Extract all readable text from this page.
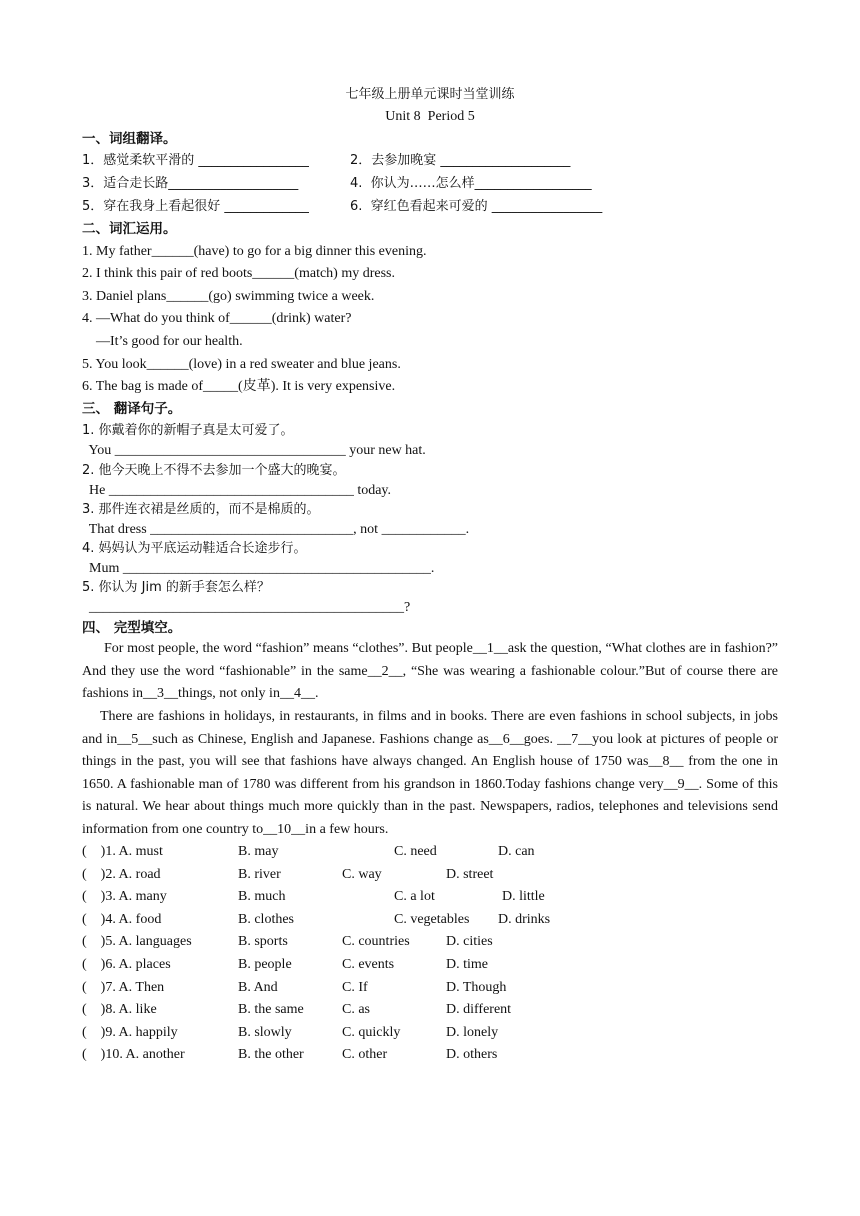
七年级上册单元课时当堂训练
Unit 8  Period 5
一、词组翻译。
1．感觉柔软平滑的 _________________	2．去参加晚宴 ____________________
3．适合走长路____________________	4.  你认为……怎么样__________________
5．穿在我身上看起很好 _____________	6.  穿红色看起来可爱的 _________________
二、词汇运用。
1. My father______(have) to go for a big dinner this evening.
2. I think this pair of red boots______(match) my dress.
3. Daniel plans______(go) swimming twice a week.
4. —What do you think of______(drink) water?
—It’s good for our health.
5. You look______(love) in a red sweater and blue jeans.
6. The bag is made of_____(皮革). It is very expensive.
三、 翻译句子。
1. 你戴着你的新帽子真是太可爱了。
You _________________________________ your new hat.
2. 他今天晚上不得不去参加一个盛大的晚宴。
He ___________________________________ today.
3. 那件连衣裙是丝质的，而不是棉质的。
That dress _____________________________, not ____________.
4. 妈妈认为平底运动鞋适合长途步行。
Mum ____________________________________________.
5. 你认为 Jim 的新手套怎么样？
_____________________________________________?
四、 完型填空。
For most people, the word “fashion” means “clothes”. But people__1__ask the question, “What clothes are in fashion?” And they use the word “fashionable” in the same__2__, “She was wearing a fashionable colour.”But of course there are fashions in__3__things, not only in__4__.
There are fashions in holidays, in restaurants, in films and in books. There are even fashions in school subjects, in jobs and in__5__such as Chinese, English and Japanese. Fashions change as__6__goes. __7__you look at pictures of people or things in the past, you will see that fashions have always changed. An English house of 1750 was__8__ from the one in 1650. A fashionable man of 1780 was different from his grandson in 1860.Today fashions change very__9__. Some of this is natural. We hear about things much more quickly than in the past. Newspapers, radios, telephones and televisions send information from one country to__10__in a few hours.
(    )1. A. must	B. may	C. need	D. can
(    )2. A. road	B. river	C. way	D. street
(    )3. A. many	B. much	C. a lot	D. little
(    )4. A. food	B. clothes	C. vegetables D. drinks
(    )5. A. languages	B. sports	C. countries	D. cities
(    )6. A. places	B. people	C. events	D. time
(    )7. A. Then	B. And	C. If	D. Though
(    )8. A. like	B. the same	C. as	D. different
(    )9. A. happily	B. slowly	C. quickly	D. lonely
(    )10. A. another	B. the other	C. other	D. others
